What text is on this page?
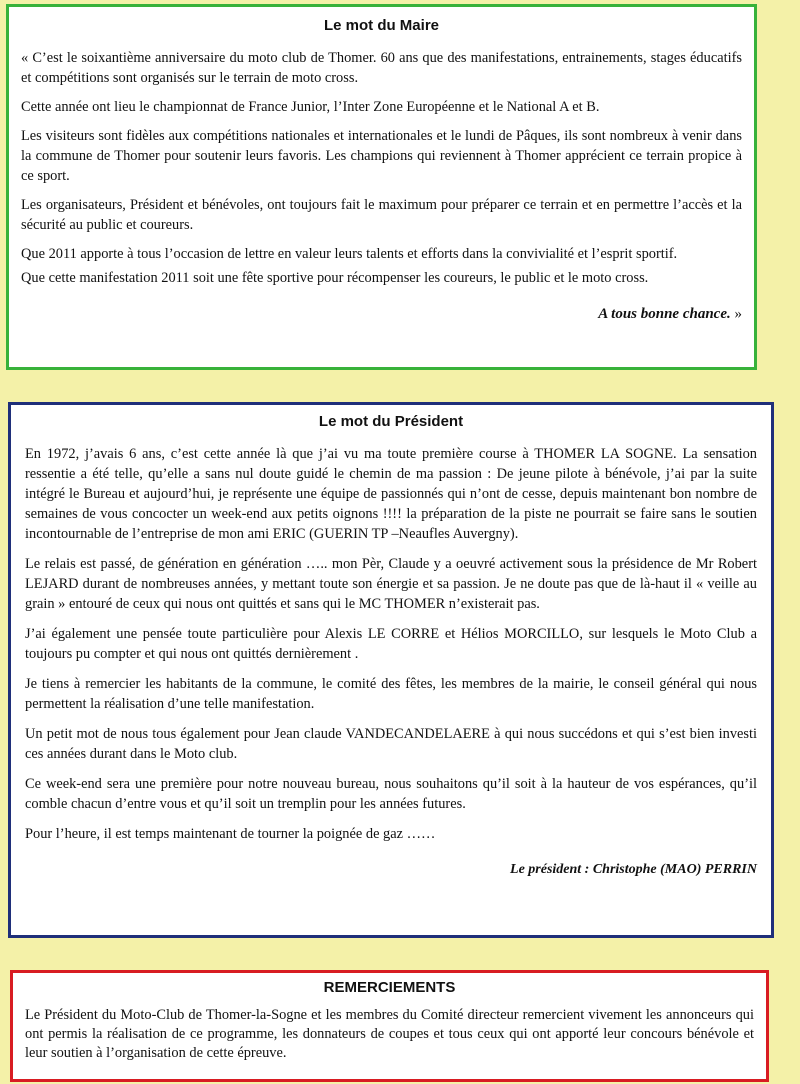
Le mot du Maire

« C’est le soixantième anniversaire du moto club de Thomer. 60 ans que des manifestations, entrainements, stages éducatifs et compétitions sont organisés sur le terrain de moto cross.

Cette année ont lieu le championnat de France Junior, l’Inter Zone Européenne et le National A et B.

Les visiteurs sont fidèles aux compétitions nationales et internationales et le lundi de Pâques, ils sont nombreux à venir dans la commune de Thomer pour soutenir leurs favoris. Les champions qui reviennent à Thomer apprécient ce terrain propice à ce sport.

Les organisateurs, Président et bénévoles, ont toujours fait le maximum pour préparer ce terrain et en permettre l’accès et la sécurité au public et coureurs.

Que 2011 apporte à tous l’occasion de lettre en valeur leurs talents et efforts dans la convivialité et l’esprit sportif.

Que cette manifestation 2011 soit une fête sportive pour récompenser les coureurs, le public et le moto cross.

A tous bonne chance. »
Le mot du Président

En 1972, j’avais 6 ans, c’est cette année là que j’ai vu ma toute première course à THOMER LA SOGNE. La sensation ressentie a été telle, qu’elle a sans nul doute guidé le chemin de ma passion : De jeune pilote à bénévole, j’ai par la suite intégré le Bureau et aujourd’hui, je représente une équipe de passionnés qui n’ont de cesse, depuis maintenant bon nombre de semaines de vous concocter un week-end aux petits oignons !!!! la préparation de la piste ne pourrait se faire sans le soutien incontournable de l’entreprise de mon ami ERIC (GUERIN TP –Neaufles Auvergny).

Le relais est passé, de génération en génération ….. mon Pèr, Claude y a oeuvré activement sous la présidence de Mr Robert LEJARD durant de nombreuses années, y mettant toute son énergie et sa passion. Je ne doute pas que de là-haut il « veille au grain » entouré de ceux qui nous ont quittés et sans qui le MC THOMER n’existerait pas.

J’ai également une pensée toute particulière pour Alexis LE CORRE et Hélios MORCILLO, sur lesquels le Moto Club a toujours pu compter et qui nous ont quittés dernièrement .

Je tiens à remercier les habitants de la commune, le comité des fêtes, les membres de la mairie, le conseil général qui nous permettent la réalisation d’une telle manifestation.

Un petit mot de nous tous également pour Jean claude VANDECANDELAERE à qui nous succédons et qui s’est bien investi ces années durant dans le Moto club.

Ce week-end sera une première pour notre nouveau bureau, nous souhaitons qu’il soit à la hauteur de vos espérances, qu’il comble chacun d’entre vous et qu’il soit un tremplin pour les années futures.

Pour l’heure, il est temps maintenant de tourner la poignée de gaz ……

Le président : Christophe (MAO) PERRIN
REMERCIEMENTS

Le Président du Moto-Club de Thomer-la-Sogne et les membres du Comité directeur remercient vivement les annonceurs qui ont permis la réalisation de ce programme, les donnateurs de coupes et tous ceux qui ont apporté leur concours bénévole et leur soutien à l’organisation de cette épreuve.
